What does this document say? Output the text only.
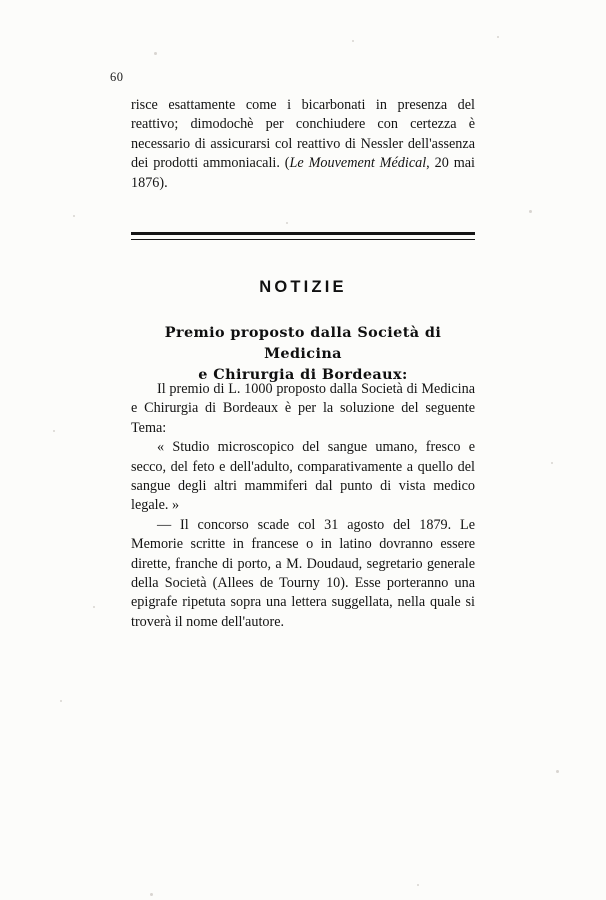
60

risce esattamente come i bicarbonati in presenza del reattivo; dimodochè per conchiudere con certezza è necessario di assicurarsi col reattivo di Nessler dell'assenza dei prodotti ammoniacali. (Le Mouvement Médical, 20 mai 1876).

NOTIZIE
Premio proposto dalla Società di Medicina
e Chirurgia di Bordeaux:

Il premio di L. 1000 proposto dalla Società di Medicina e Chirurgia di Bordeaux è per la soluzione del seguente Tema:

« Studio microscopico del sangue umano, fresco e secco, del feto e dell'adulto, comparativamente a quello del sangue degli altri mammiferi dal punto di vista medico legale. »

— Il concorso scade col 31 agosto del 1879. Le Memorie scritte in francese o in latino dovranno essere dirette, franche di porto, a M. Doudaud, segretario generale della Società (Allees de Tourny 10). Esse porteranno una epigrafe ripetuta sopra una lettera suggellata, nella quale si troverà il nome dell'autore.
